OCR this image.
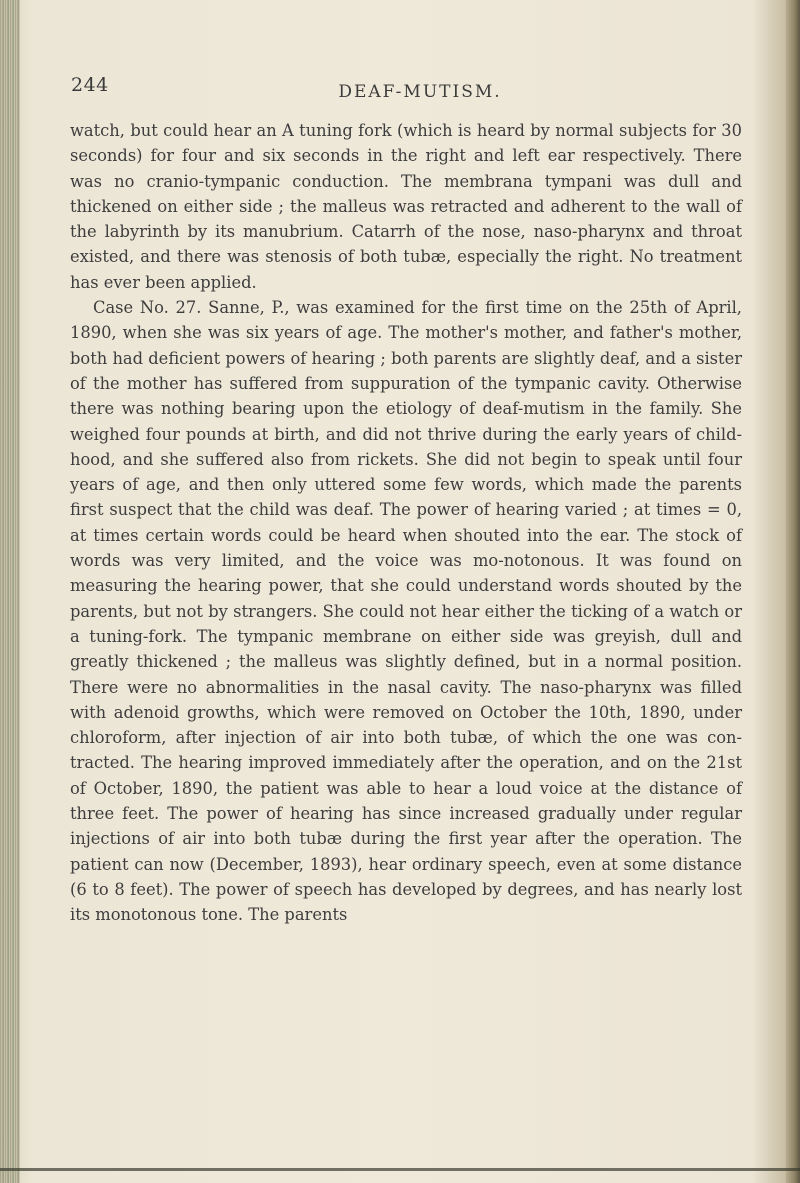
244	DEAF-MUTISM.

watch, but could hear an A tuning fork (which is heard by normal subjects for 30 seconds) for four and six seconds in the right and left ear respectively. There was no cranio-tympanic conduction. The membrana tympani was dull and thickened on either side ; the malleus was retracted and adherent to the wall of the labyrinth by its manubrium. Catarrh of the nose, naso-pharynx and throat existed, and there was stenosis of both tubæ, especially the right. No treatment has ever been applied.

Case No. 27. Sanne, P., was examined for the first time on the 25th of April, 1890, when she was six years of age. The mother's mother, and father's mother, both had deficient powers of hearing ; both parents are slightly deaf, and a sister of the mother has suffered from suppuration of the tympanic cavity. Otherwise there was nothing bearing upon the etiology of deaf-mutism in the family. She weighed four pounds at birth, and did not thrive during the early years of child-hood, and she suffered also from rickets. She did not begin to speak until four years of age, and then only uttered some few words, which made the parents first suspect that the child was deaf. The power of hearing varied ; at times = 0, at times certain words could be heard when shouted into the ear. The stock of words was very limited, and the voice was mo-notonous. It was found on measuring the hearing power, that she could understand words shouted by the parents, but not by strangers. She could not hear either the ticking of a watch or a tuning-fork. The tympanic membrane on either side was greyish, dull and greatly thickened ; the malleus was slightly defined, but in a normal position. There were no abnormalities in the nasal cavity. The naso-pharynx was filled with adenoid growths, which were removed on October the 10th, 1890, under chloroform, after injection of air into both tubæ, of which the one was con-tracted. The hearing improved immediately after the operation, and on the 21st of October, 1890, the patient was able to hear a loud voice at the distance of three feet. The power of hearing has since increased gradually under regular injections of air into both tubæ during the first year after the operation. The patient can now (December, 1893), hear ordinary speech, even at some distance (6 to 8 feet). The power of speech has developed by degrees, and has nearly lost its monotonous tone. The parents
